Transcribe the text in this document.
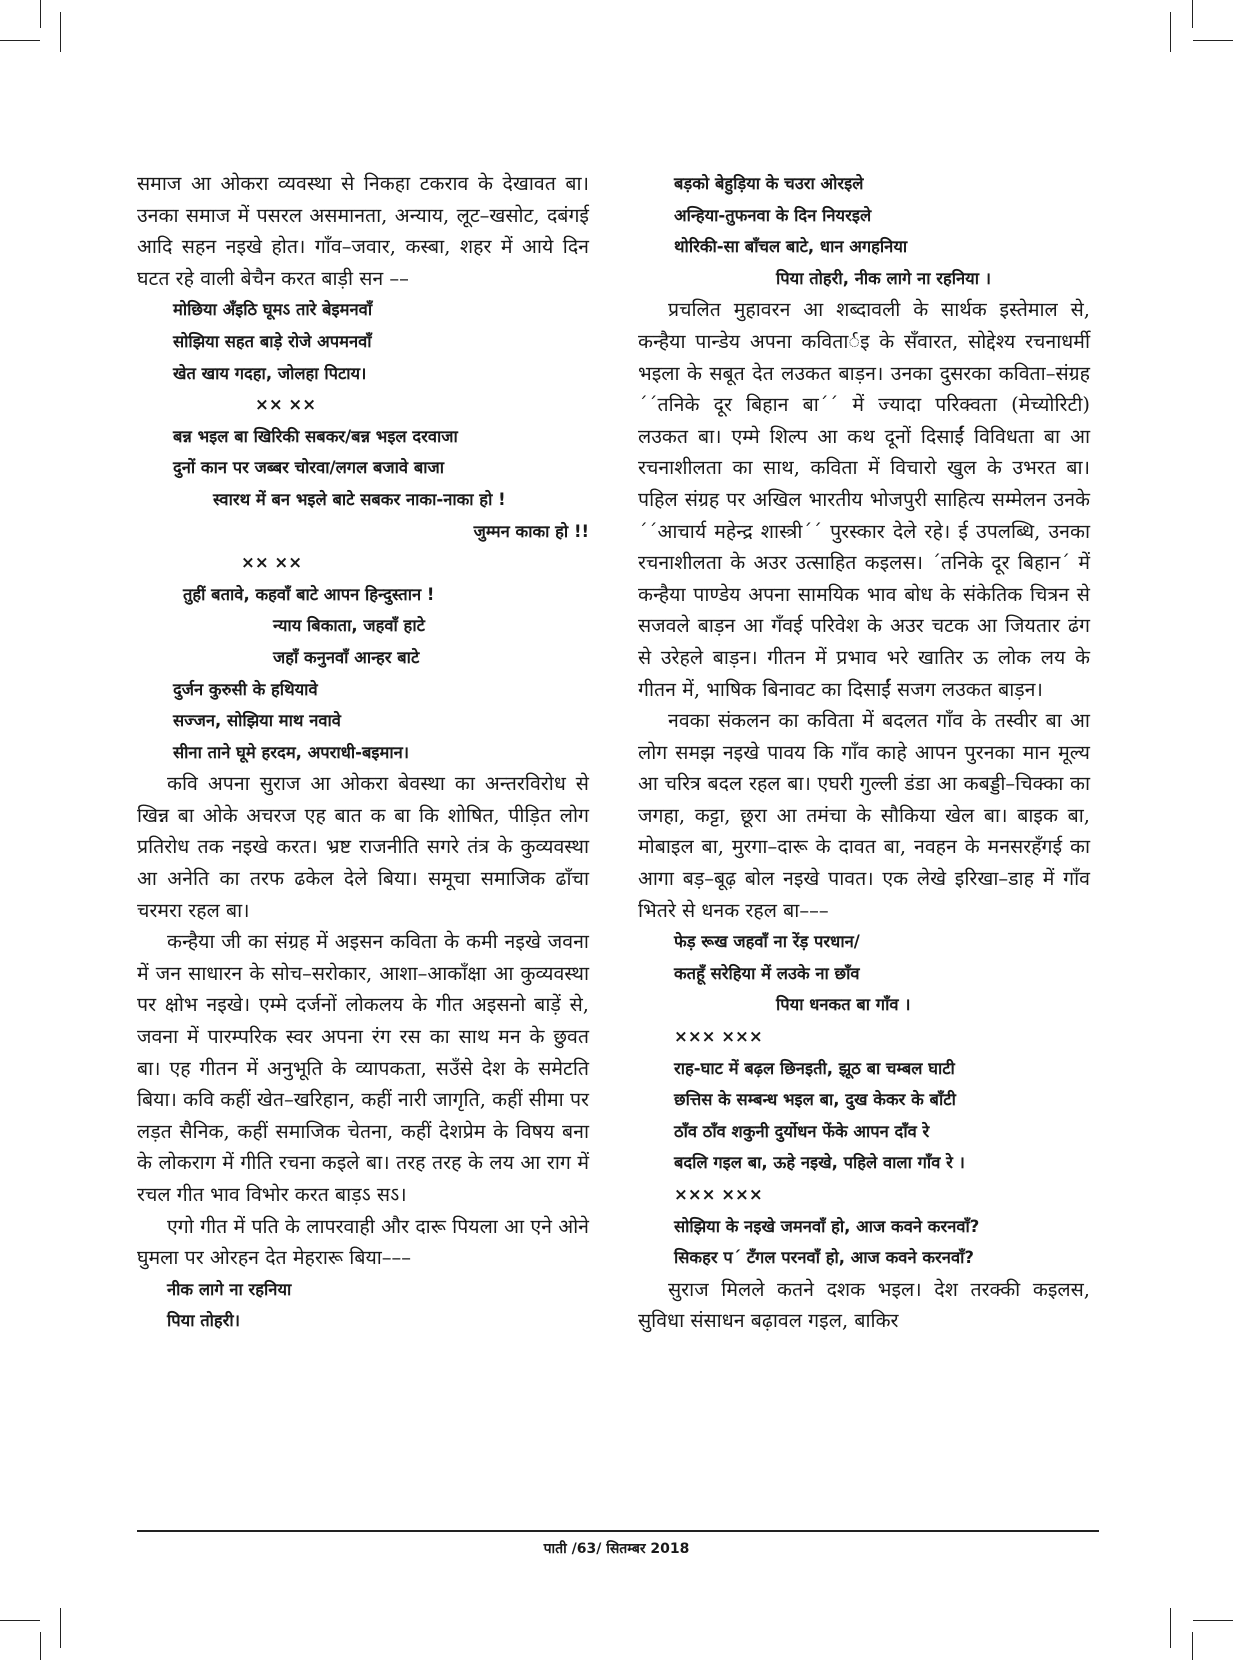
समाज आ ओकरा व्यवस्था से निकहा टकराव के देखावत बा। उनका समाज में पसरल असमानता, अन्याय, लूट–खसोट, दबंगई आदि सहन नइखे होत। गाँव–जवार, कस्बा, शहर में आये दिन घटत रहे वाली बेचैन करत बाड़ी सन ––
मोछिया अँइठि घूमऽ तारे बेइमनवाँ
सोझिया सहत बाड़े रोजे अपमनवाँ
खेत खाय गदहा, जोलहा पिटाय।
×× ××
बन्न भइल बा खिरिकी सबकर/बन्न भइल दरवाजा
दुनों कान पर जब्बर चोरवा/लगल बजावे बाजा
स्वारथ में बन भइले बाटे सबकर नाका-नाका हो !
जुम्मन काका हो !!
×× ××
तुहीं बतावे, कहवाँ बाटे आपन हिन्दुस्तान !
न्याय बिकाता, जहवाँ हाटे
जहाँ कनुनवाँ आन्हर बाटे
दुर्जन कुरुसी के हथियावे
सज्जन, सोझिया माथ नवावे
सीना ताने घूमे हरदम, अपराधी-बइमान।
कवि अपना सुराज आ ओकरा बेवस्था का अन्तरविरोध से खिन्न बा ओके अचरज एह बात क बा कि शोषित, पीड़ित लोग प्रतिरोध तक नइखे करत। भ्रष्ट राजनीति सगरे तंत्र के कुव्यवस्था आ अनेति का तरफ ढकेल देले बिया। समूचा समाजिक ढाँचा चरमरा रहल बा।
कन्हैया जी का संग्रह में अइसन कविता के कमी नइखे जवना में जन साधारन के सोच–सरोकार, आशा–आकाँक्षा आ कुव्यवस्था पर क्षोभ नइखे। एम्मे दर्जनों लोकलय के गीत अइसनो बाड़ें से, जवना में पारम्परिक स्वर अपना रंग रस का साथ मन के छुवत बा। एह गीतन में अनुभूति के व्यापकता, सउँसे देश के समेटति बिया। कवि कहीं खेत–खरिहान, कहीं नारी जागृति, कहीं सीमा पर लड़त सैनिक, कहीं समाजिक चेतना, कहीं देशप्रेम के विषय बना के लोकराग में गीति रचना कइले बा। तरह तरह के लय आ राग में रचल गीत भाव विभोर करत बाड़ऽ सऽ।
एगो गीत में पति के लापरवाही और दारू पियला आ एने ओने घुमला पर ओरहन देत मेहरारू बिया–––
नीक लागे ना रहनिया
पिया तोहरी।
बड़को बेहुड़िया के चउरा ओरइले
अन्हिया-तुफनवा के दिन नियरइले
थोरिकी-सा बाँचल बाटे, धान अगहनिया
पिया तोहरी, नीक लागे ना रहनिया ।
प्रचलित मुहावरन आ शब्दावली के सार्थक इस्तेमाल से, कन्हैया पान्डेय अपना कवितार्इ के सँवारत, सोद्देश्य रचनाधर्मी भइला के सबूत देत लउकत बाड़न। उनका दुसरका कविता–संग्रह ´´तनिके दूर बिहान बा´´ में ज्यादा परिक्वता (मेच्योरिटी) लउकत बा। एम्मे शिल्प आ कथ दूनों दिसाईं विविधता बा आ रचनाशीलता का साथ, कविता में विचारो खुल के उभरत बा। पहिल संग्रह पर अखिल भारतीय भोजपुरी साहित्य सम्मेलन उनके ´´आचार्य महेन्द्र शास्त्री´´ पुरस्कार देले रहे। ई उपलब्धि, उनका रचनाशीलता के अउर उत्साहित कइलस। ´तनिके दूर बिहान´ में कन्हैया पाण्डेय अपना सामयिक भाव बोध के संकेतिक चित्रन से सजवले बाड़न आ गँवई परिवेश के अउर चटक आ जियतार ढंग से उरेहले बाड़न। गीतन में प्रभाव भरे खातिर ऊ लोक लय के गीतन में, भाषिक बिनावट का दिसाईं सजग लउकत बाड़न।
नवका संकलन का कविता में बदलत गाँव के तस्वीर बा आ लोग समझ नइखे पावय कि गाँव काहे आपन पुरनका मान मूल्य आ चरित्र बदल रहल बा। एघरी गुल्ली डंडा आ कबड्डी–चिक्का का जगहा, कट्टा, छूरा आ तमंचा के सौकिया खेल बा। बाइक बा, मोबाइल बा, मुरगा–दारू के दावत बा, नवहन के मनसरहँगई का आगा बड़–बूढ़ बोल नइखे पावत। एक लेखे इरिखा–डाह में गाँव भितरे से धनक रहल बा–––
फेड़ रूख जहवाँ ना रेंड़ परधान/
कतहूँ सरेहिया में लउके ना छाँव
पिया धनकत बा गाँव ।
××× ×××
राह-घाट में बढ़ल छिनइती, झूठ बा चम्बल घाटी
छत्तिस के सम्बन्ध भइल बा, दुख केकर के बाँटी
ठाँव ठाँव शकुनी दुर्योधन फेंके आपन दाँव रे
बदलि गइल बा, ऊहे नइखे, पहिले वाला गाँव रे ।
××× ×××
सोझिया के नइखे जमनवाँ हो, आज कवने करनवाँ?
सिकहर प´ टँगल परनवाँ हो, आज कवने करनवाँ?
सुराज मिलले कतने दशक भइल। देश तरक्की कइलस, सुविधा संसाधन बढ़ावल गइल, बाकिर
पाती /63/ सितम्बर 2018
